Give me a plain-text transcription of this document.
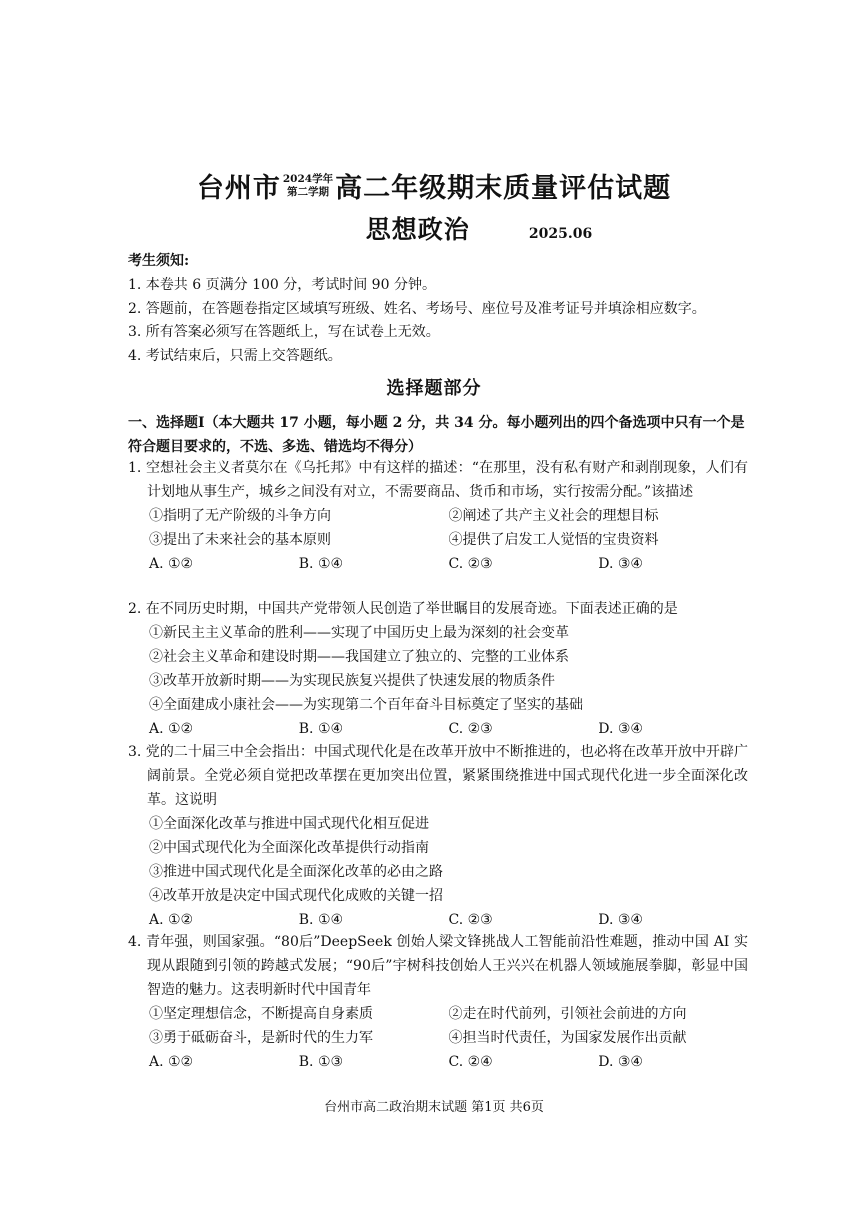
台州市 2024学年
第二学期 高二年级期末质量评估试题
思想政治	2025.06
考生须知:
1. 本卷共 6 页满分 100 分，考试时间 90 分钟。
2. 答题前，在答题卷指定区域填写班级、姓名、考场号、座位号及准考证号并填涂相应数字。
3. 所有答案必须写在答题纸上，写在试卷上无效。
4. 考试结束后，只需上交答题纸。
选择题部分
一、选择题Ⅰ（本大题共 17 小题，每小题 2 分，共 34 分。每小题列出的四个备选项中只有一个是符合题目要求的，不选、多选、错选均不得分）
1. 空想社会主义者莫尔在《乌托邦》中有这样的描述：“在那里，没有私有财产和剥削现象，人们有计划地从事生产，城乡之间没有对立，不需要商品、货币和市场，实行按需分配。”该描述
①指明了无产阶级的斗争方向	②阐述了共产主义社会的理想目标
③提出了未来社会的基本原则	④提供了启发工人觉悟的宝贵资料
A. ①②	B. ①④	C. ②③	D. ③④
2. 在不同历史时期，中国共产党带领人民创造了举世瞩目的发展奇迹。下面表述正确的是
①新民主主义革命的胜利——实现了中国历史上最为深刻的社会变革
②社会主义革命和建设时期——我国建立了独立的、完整的工业体系
③改革开放新时期——为实现民族复兴提供了快速发展的物质条件
④全面建成小康社会——为实现第二个百年奋斗目标奠定了坚实的基础
A. ①②	B. ①④	C. ②③	D. ③④
3. 党的二十届三中全会指出：中国式现代化是在改革开放中不断推进的，也必将在改革开放中开辟广阔前景。全党必须自觉把改革摆在更加突出位置，紧紧围绕推进中国式现代化进一步全面深化改革。这说明
①全面深化改革与推进中国式现代化相互促进
②中国式现代化为全面深化改革提供行动指南
③推进中国式现代化是全面深化改革的必由之路
④改革开放是决定中国式现代化成败的关键一招
A. ①②	B. ①④	C. ②③	D. ③④
4. 青年强，则国家强。“80后”DeepSeek 创始人梁文锋挑战人工智能前沿性难题，推动中国 AI 实现从跟随到引领的跨越式发展；“90后”宇树科技创始人王兴兴在机器人领域施展拳脚，彰显中国智造的魅力。这表明新时代中国青年
①坚定理想信念，不断提高自身素质	②走在时代前列，引领社会前进的方向
③勇于砥砺奋斗，是新时代的生力军	④担当时代责任，为国家发展作出贡献
A. ①②	B. ①③	C. ②④	D. ③④
台州市高二政治期末试题 第1页 共6页
